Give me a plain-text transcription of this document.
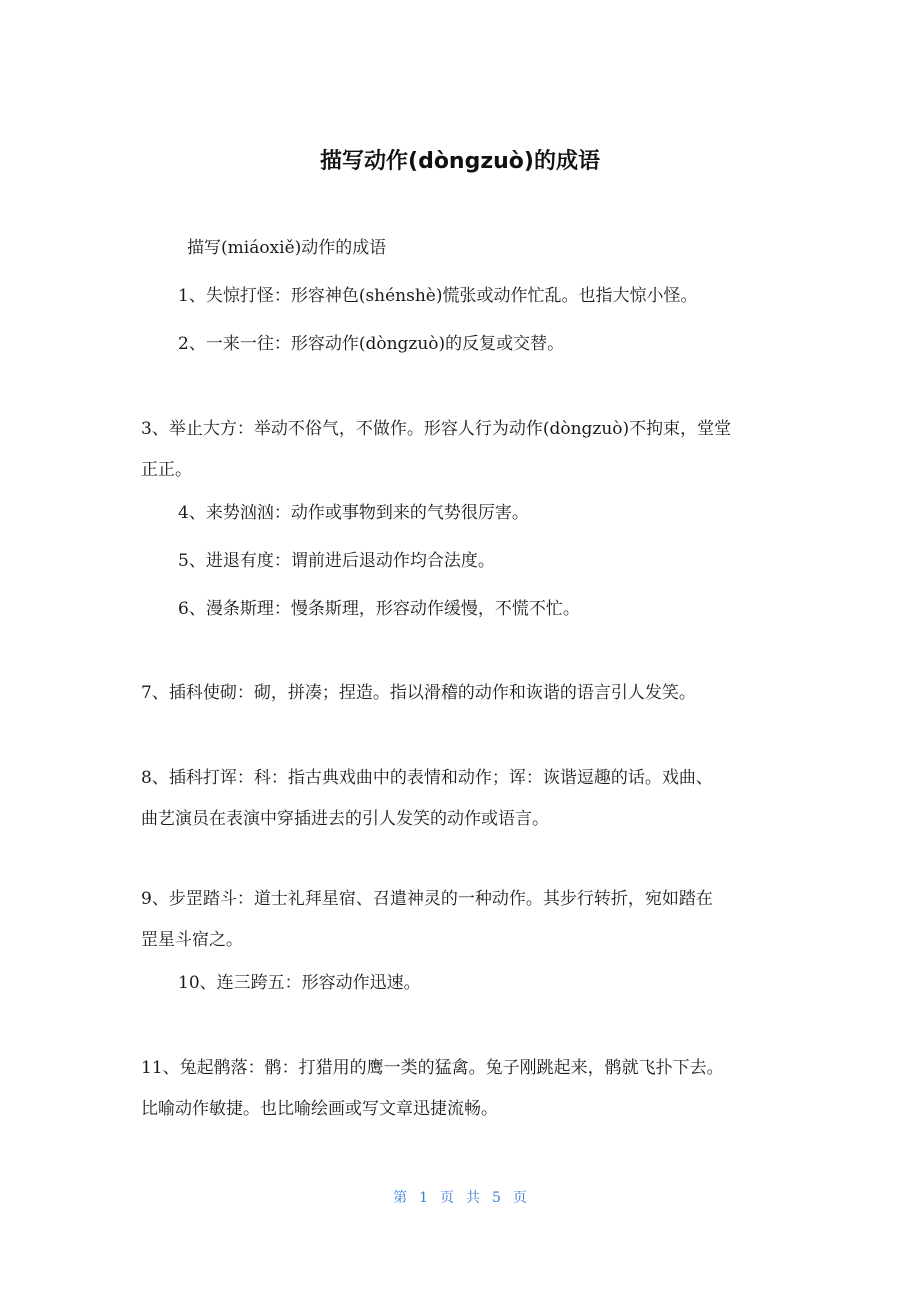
描写动作(dòngzuò)的成语
描写(miáoxiě)动作的成语
1、失惊打怪：形容神色(shénshè)慌张或动作忙乱。也指大惊小怪。
2、一来一往：形容动作(dòngzuò)的反复或交替。
3、举止大方：举动不俗气，不做作。形容人行为动作(dòngzuò)不拘束，堂堂
正正。
4、来势汹汹：动作或事物到来的气势很厉害。
5、进退有度：谓前进后退动作均合法度。
6、漫条斯理：慢条斯理，形容动作缓慢，不慌不忙。
7、插科使砌：砌，拼凑；捏造。指以滑稽的动作和诙谐的语言引人发笑。
8、插科打诨：科：指古典戏曲中的表情和动作；诨：诙谐逗趣的话。戏曲、
曲艺演员在表演中穿插进去的引人发笑的动作或语言。
9、步罡踏斗：道士礼拜星宿、召遣神灵的一种动作。其步行转折，宛如踏在
罡星斗宿之。
10、连三跨五：形容动作迅速。
11、兔起鹘落：鹘：打猎用的鹰一类的猛禽。兔子刚跳起来，鹘就飞扑下去。
比喻动作敏捷。也比喻绘画或写文章迅捷流畅。
第 1 页 共 5 页
